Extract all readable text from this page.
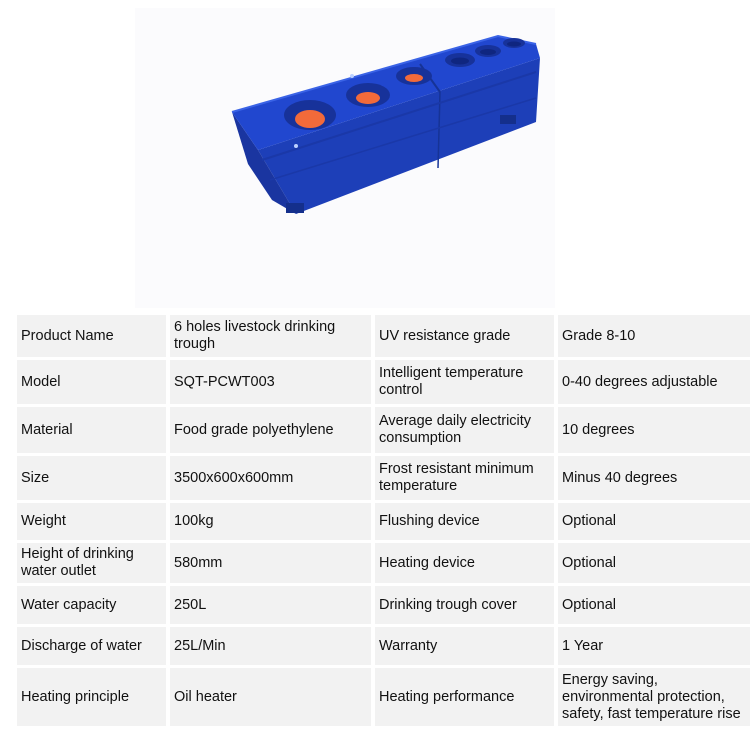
Product Name		6 holes livestock drinking trough		UV resistance grade		Grade 8-10
Model		SQT-PCWT003		Intelligent temperature control		0-40 degrees adjustable
Material		Food grade polyethylene		Average daily electricity consumption		10 degrees
Size		3500x600x600mm		Frost resistant minimum temperature		Minus 40 degrees
Weight		100kg		Flushing device		Optional
Height of drinking water outlet		580mm		Heating device		Optional
Water capacity		250L		Drinking trough cover		Optional
Discharge of water		25L/Min		Warranty		1 Year
Heating principle		Oil heater		Heating performance		Energy saving, environmental protection, safety, fast temperature rise
